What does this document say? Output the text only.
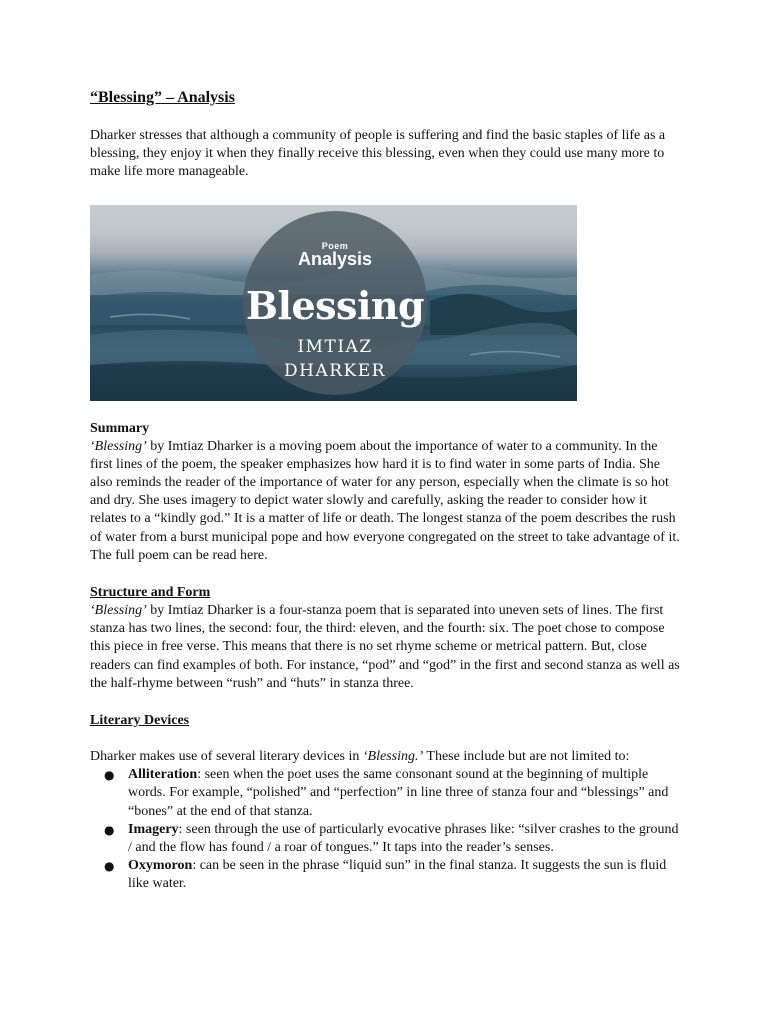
“Blessing” – Analysis

Dharker stresses that although a community of people is suffering and find the basic staples of life as a blessing, they enjoy it when they finally receive this blessing, even when they could use many more to make life more manageable.

Poem
Analysis
Blessing
IMTIAZ
DHARKER
Summary

‘Blessing’ by Imtiaz Dharker is a moving poem about the importance of water to a community. In the first lines of the poem, the speaker emphasizes how hard it is to find water in some parts of India. She also reminds the reader of the importance of water for any person, especially when the climate is so hot and dry. She uses imagery to depict water slowly and carefully, asking the reader to consider how it relates to a “kindly god.” It is a matter of life or death. The longest stanza of the poem describes the rush of water from a burst municipal pope and how everyone congregated on the street to take advantage of it.

The full poem can be read here.

Structure and Form

‘Blessing’ by Imtiaz Dharker is a four-stanza poem that is separated into uneven sets of lines. The first stanza has two lines, the second: four, the third: eleven, and the fourth: six. The poet chose to compose this piece in free verse. This means that there is no set rhyme scheme or metrical pattern. But, close readers can find examples of both. For instance, “pod” and “god” in the first and second stanza as well as the half-rhyme between “rush” and “huts” in stanza three.

Literary Devices

Dharker makes use of several literary devices in ‘Blessing.’ These include but are not limited to:

● Alliteration: seen when the poet uses the same consonant sound at the beginning of multiple words. For example, “polished” and “perfection” in line three of stanza four and “blessings” and “bones” at the end of that stanza.
● Imagery: seen through the use of particularly evocative phrases like: “silver crashes to the ground / and the flow has found / a roar of tongues.” It taps into the reader’s senses.
● Oxymoron: can be seen in the phrase “liquid sun” in the final stanza. It suggests the sun is fluid like water.
